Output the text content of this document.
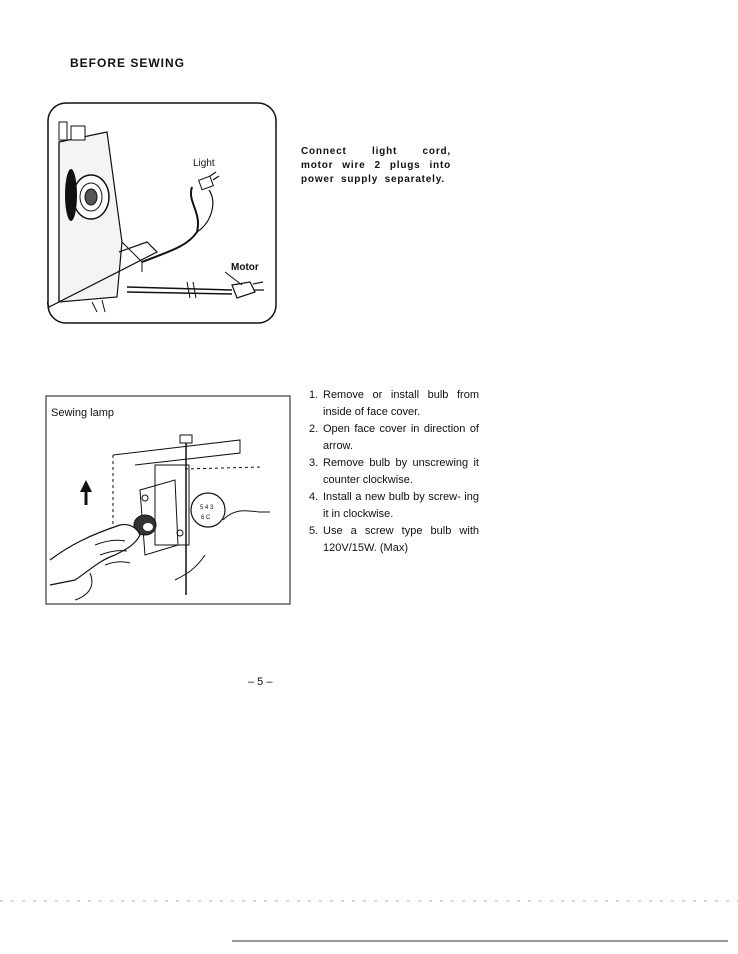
BEFORE SEWING
Light
Motor

Connect light cord, motor wire 2 plugs into power supply separately.

5 4 3
6 C
Sewing lamp
1. Remove or install bulb from inside of face cover.
2. Open face cover in direction of arrow.
3. Remove bulb by unscrewing it counter clockwise.
4. Install a new bulb by screw- ing it in clockwise.
5. Use a screw type bulb with 120V/15W. (Max)
– 5 –
